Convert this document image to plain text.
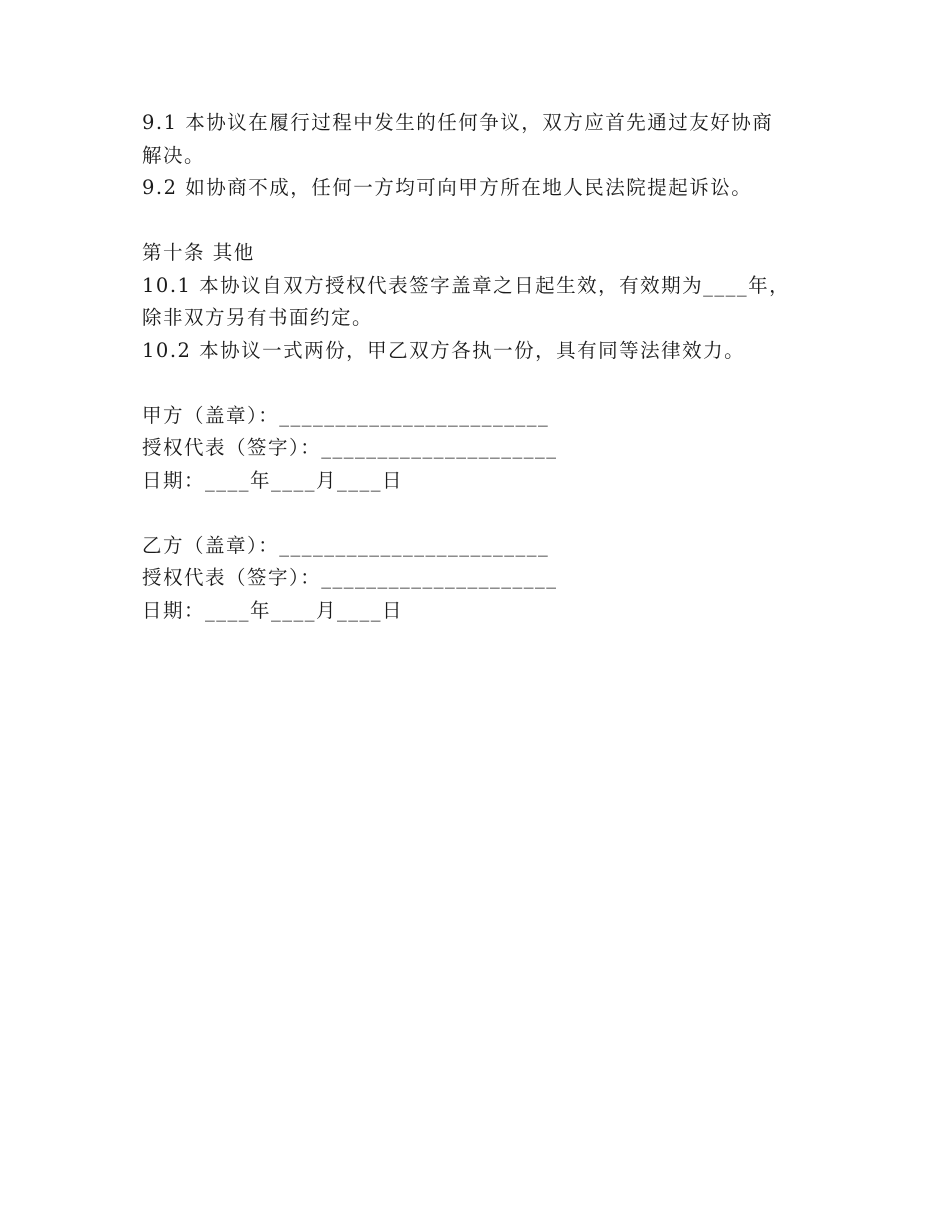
9.1 本协议在履行过程中发生的任何争议，双方应首先通过友好协商
解决。
9.2 如协商不成，任何一方均可向甲方所在地人民法院提起诉讼。
第十条 其他
10.1 本协议自双方授权代表签字盖章之日起生效，有效期为____年，
除非双方另有书面约定。
10.2 本协议一式两份，甲乙双方各执一份，具有同等法律效力。
甲方（盖章）：________________________
授权代表（签字）：_____________________
日期：____年____月____日
乙方（盖章）：________________________
授权代表（签字）：_____________________
日期：____年____月____日
